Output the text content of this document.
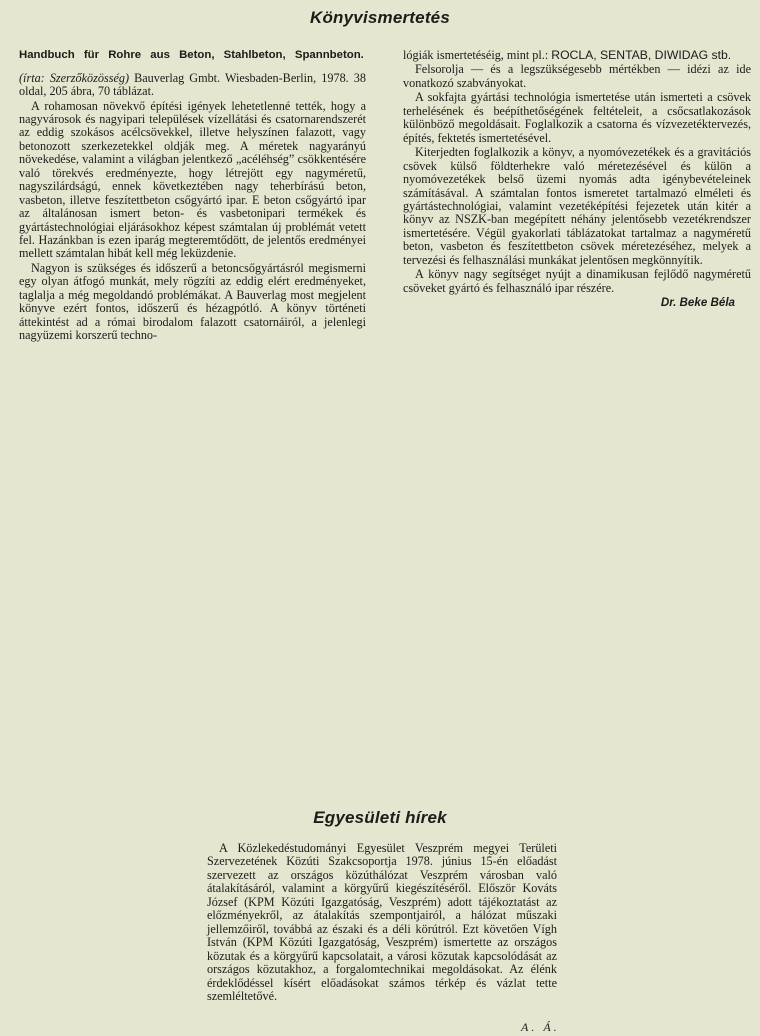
Könyvismertetés
Handbuch für Rohre aus Beton, Stahlbeton, Spannbeton.

(írta: Szerzőközösség) Bauverlag Gmbt. Wiesbaden-Berlin, 1978. 38 oldal, 205 ábra, 70 táblázat.

A rohamosan növekvő építési igények lehetetlenné tették, hogy a nagyvárosok és nagyipari települések vízellátási és csatornarendszerét az eddig szokásos acélcsövekkel, illetve helyszínen falazott, vagy betonozott szerkezetekkel oldják meg. A méretek nagyarányú növekedése, valamint a világban jelentkező „acéléhség” csökkentésére való törekvés eredményezte, hogy létrejött egy nagyméretű, nagyszilárdságú, ennek következtében nagy teherbírású beton, vasbeton, illetve feszítettbeton csőgyártó ipar. E beton csőgyártó ipar az általánosan ismert beton- és vasbetonipari termékek és gyártástechnológiai eljárásokhoz képest számtalan új problémát vetett fel. Hazánkban is ezen iparág megteremtődött, de jelentős eredményei mellett számtalan hibát kell még leküzdenie.

Nagyon is szükséges és időszerű a betoncsőgyártásról megismerni egy olyan átfogó munkát, mely rögzíti az eddig elért eredményeket, taglalja a még megoldandó problémákat. A Bauverlag most megjelent könyve ezért fontos, időszerű és hézagpótló. A könyv történeti áttekintést ad a római birodalom falazott csatornáiról, a jelenlegi nagyüzemi korszerű techno-

lógiák ismertetéséig, mint pl.: ROCLA, SENTAB, DIWIDAG stb.

Felsorolja — és a legszükségesebb mértékben — idézi az ide vonatkozó szabványokat.

A sokfajta gyártási technológia ismertetése után ismerteti a csövek terhelésének és beépíthetőségének feltételeit, a csőcsatlakozások különböző megoldásait. Foglalkozik a csatorna és vízvezetéktervezés, építés, fektetés ismertetésével.

Kiterjedten foglalkozik a könyv, a nyomóvezetékek és a gravitációs csövek külső földterhekre való méretezésével és külön a nyomóvezetékek belső üzemi nyomás adta igénybevételeinek számításával. A számtalan fontos ismeretet tartalmazó elméleti és gyártástechnológiai, valamint vezetéképítési fejezetek után kitér a könyv az NSZK-ban megépített néhány jelentősebb vezetékrendszer ismertetésére. Végül gyakorlati táblázatokat tartalmaz a nagyméretű beton, vasbeton és feszítettbeton csövek méretezéséhez, melyek a tervezési és felhasználási munkákat jelentősen megkönnyítik.

A könyv nagy segítséget nyújt a dinamikusan fejlődő nagyméretű csöveket gyártó és felhasználó ipar részére.

Dr. Beke Béla

Egyesületi hírek

A Közlekedéstudományi Egyesület Veszprém megyei Területi Szervezetének Közúti Szakcsoportja 1978. június 15-én előadást szervezett az országos közúthálózat Veszprém városban való átalakításáról, valamint a körgyűrű kiegészítéséről. Először Kováts József (KPM Közúti Igazgatóság, Veszprém) adott tájékoztatást az előzményekről, az átalakítás szempontjairól, a hálózat műszaki jellemzőiről, továbbá az északi és a déli körútról. Ezt követően Vígh István (KPM Közúti Igazgatóság, Veszprém) ismertette az országos közutak és a körgyűrű kapcsolatait, a városi közutak kapcsolódását az országos közutakhoz, a forgalomtechnikai megoldásokat. Az élénk érdeklődéssel kísért előadásokat számos térkép és vázlat tette szemléltetővé.

A. Á.
